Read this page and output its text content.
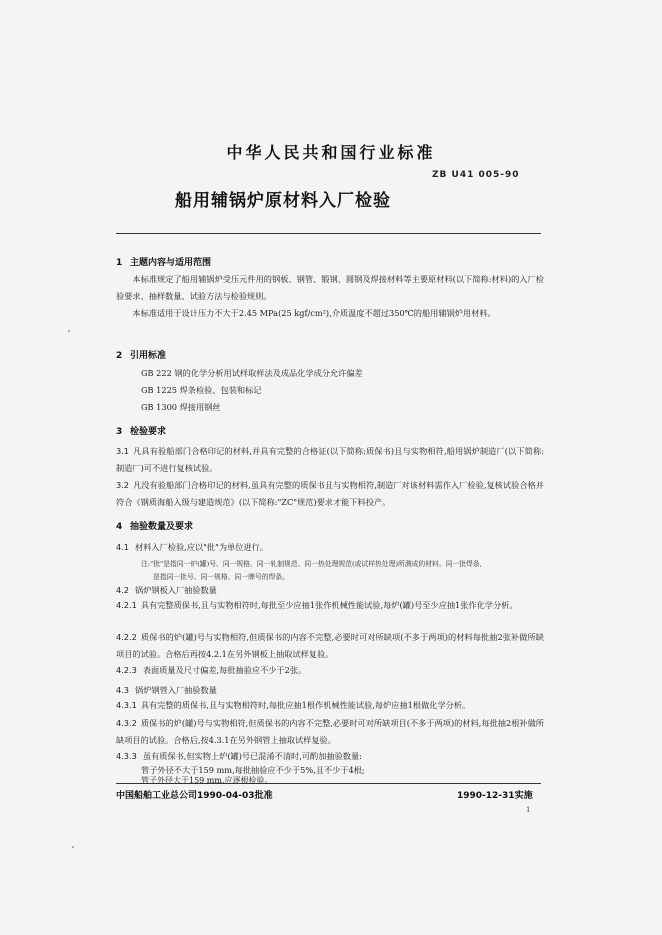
中华人民共和国行业标准
ZB U41 005-90
船用辅锅炉原材料入厂检验
1 主题内容与适用范围
本标准规定了船用辅锅炉受压元件用的钢板、钢管、锻钢、圆钢及焊接材料等主要原材料(以下简称:材料)的入厂检验要求、抽样数量、试验方法与检验规则。
本标准适用于设计压力不大于2.45 MPa(25 kgf/cm²),介质温度不超过350℃的船用辅锅炉用材料。
2 引用标准
GB 222 钢的化学分析用试样取样法及成品化学成分允许偏差
GB 1225 焊条检验、包装和标记
GB 1300 焊接用钢丝
3 检验要求
3.1 凡具有验船部门合格印记的材料,并具有完整的合格证(以下简称:质保书)且与实物相符,船用锅炉制造厂(以下简称:制造厂)可不进行复核试验。
3.2 凡没有验船部门合格印记的材料,虽具有完整的质保书且与实物相符,制造厂对该材料需作入厂检验,复核试验合格并符合《钢质海船入级与建造规范》(以下简称:"ZC"规范)要求才能下料投产。
4 抽验数量及要求
4.1 材料入厂检验,应以"批"为单位进行。
注:"批"是指同一炉(罐)号、同一规格、同一轧制规范、同一热处理规范(或试样热处理)所测成的材料。同一批焊条,
是指同一批号、同一规格、同一牌号的焊条。
4.2 锅炉钢板入厂抽验数量
4.2.1 具有完整质保书,且与实物相符时,每批至少应抽1张作机械性能试验,每炉(罐)号至少应抽1张作化学分析。
4.2.2 质保书的炉(罐)号与实物相符,但质保书的内容不完整,必要时可对所缺项(不多于两项)的材料每批抽2张补做所缺项目的试验。合格后再按4.2.1在另外钢板上抽取试样复验。
4.2.3 表面质量及尺寸偏差,每批抽验应不少于2张。
4.3 锅炉钢管入厂抽验数量
4.3.1 具有完整的质保书,且与实物相符时,每批应抽1根作机械性能试验,每炉应抽1根做化学分析。
4.3.2 质保书的炉(罐)号与实物相符,但质保书的内容不完整,必要时可对所缺项目(不多于两项)的材料,每批抽2根补做所缺项目的试验。合格后,按4.3.1在另外钢管上抽取试样复验。
4.3.3 虽有质保书,但实物上炉(罐)号已混淆不清时,可酌加抽验数量:
管子外径不大于159 mm,每批抽验应不少于5%,且不少于4根;
管子外径大于159 mm,应逐根检验。
中国船舶工业总公司1990-04-03批准	1990-12-31实施
1
